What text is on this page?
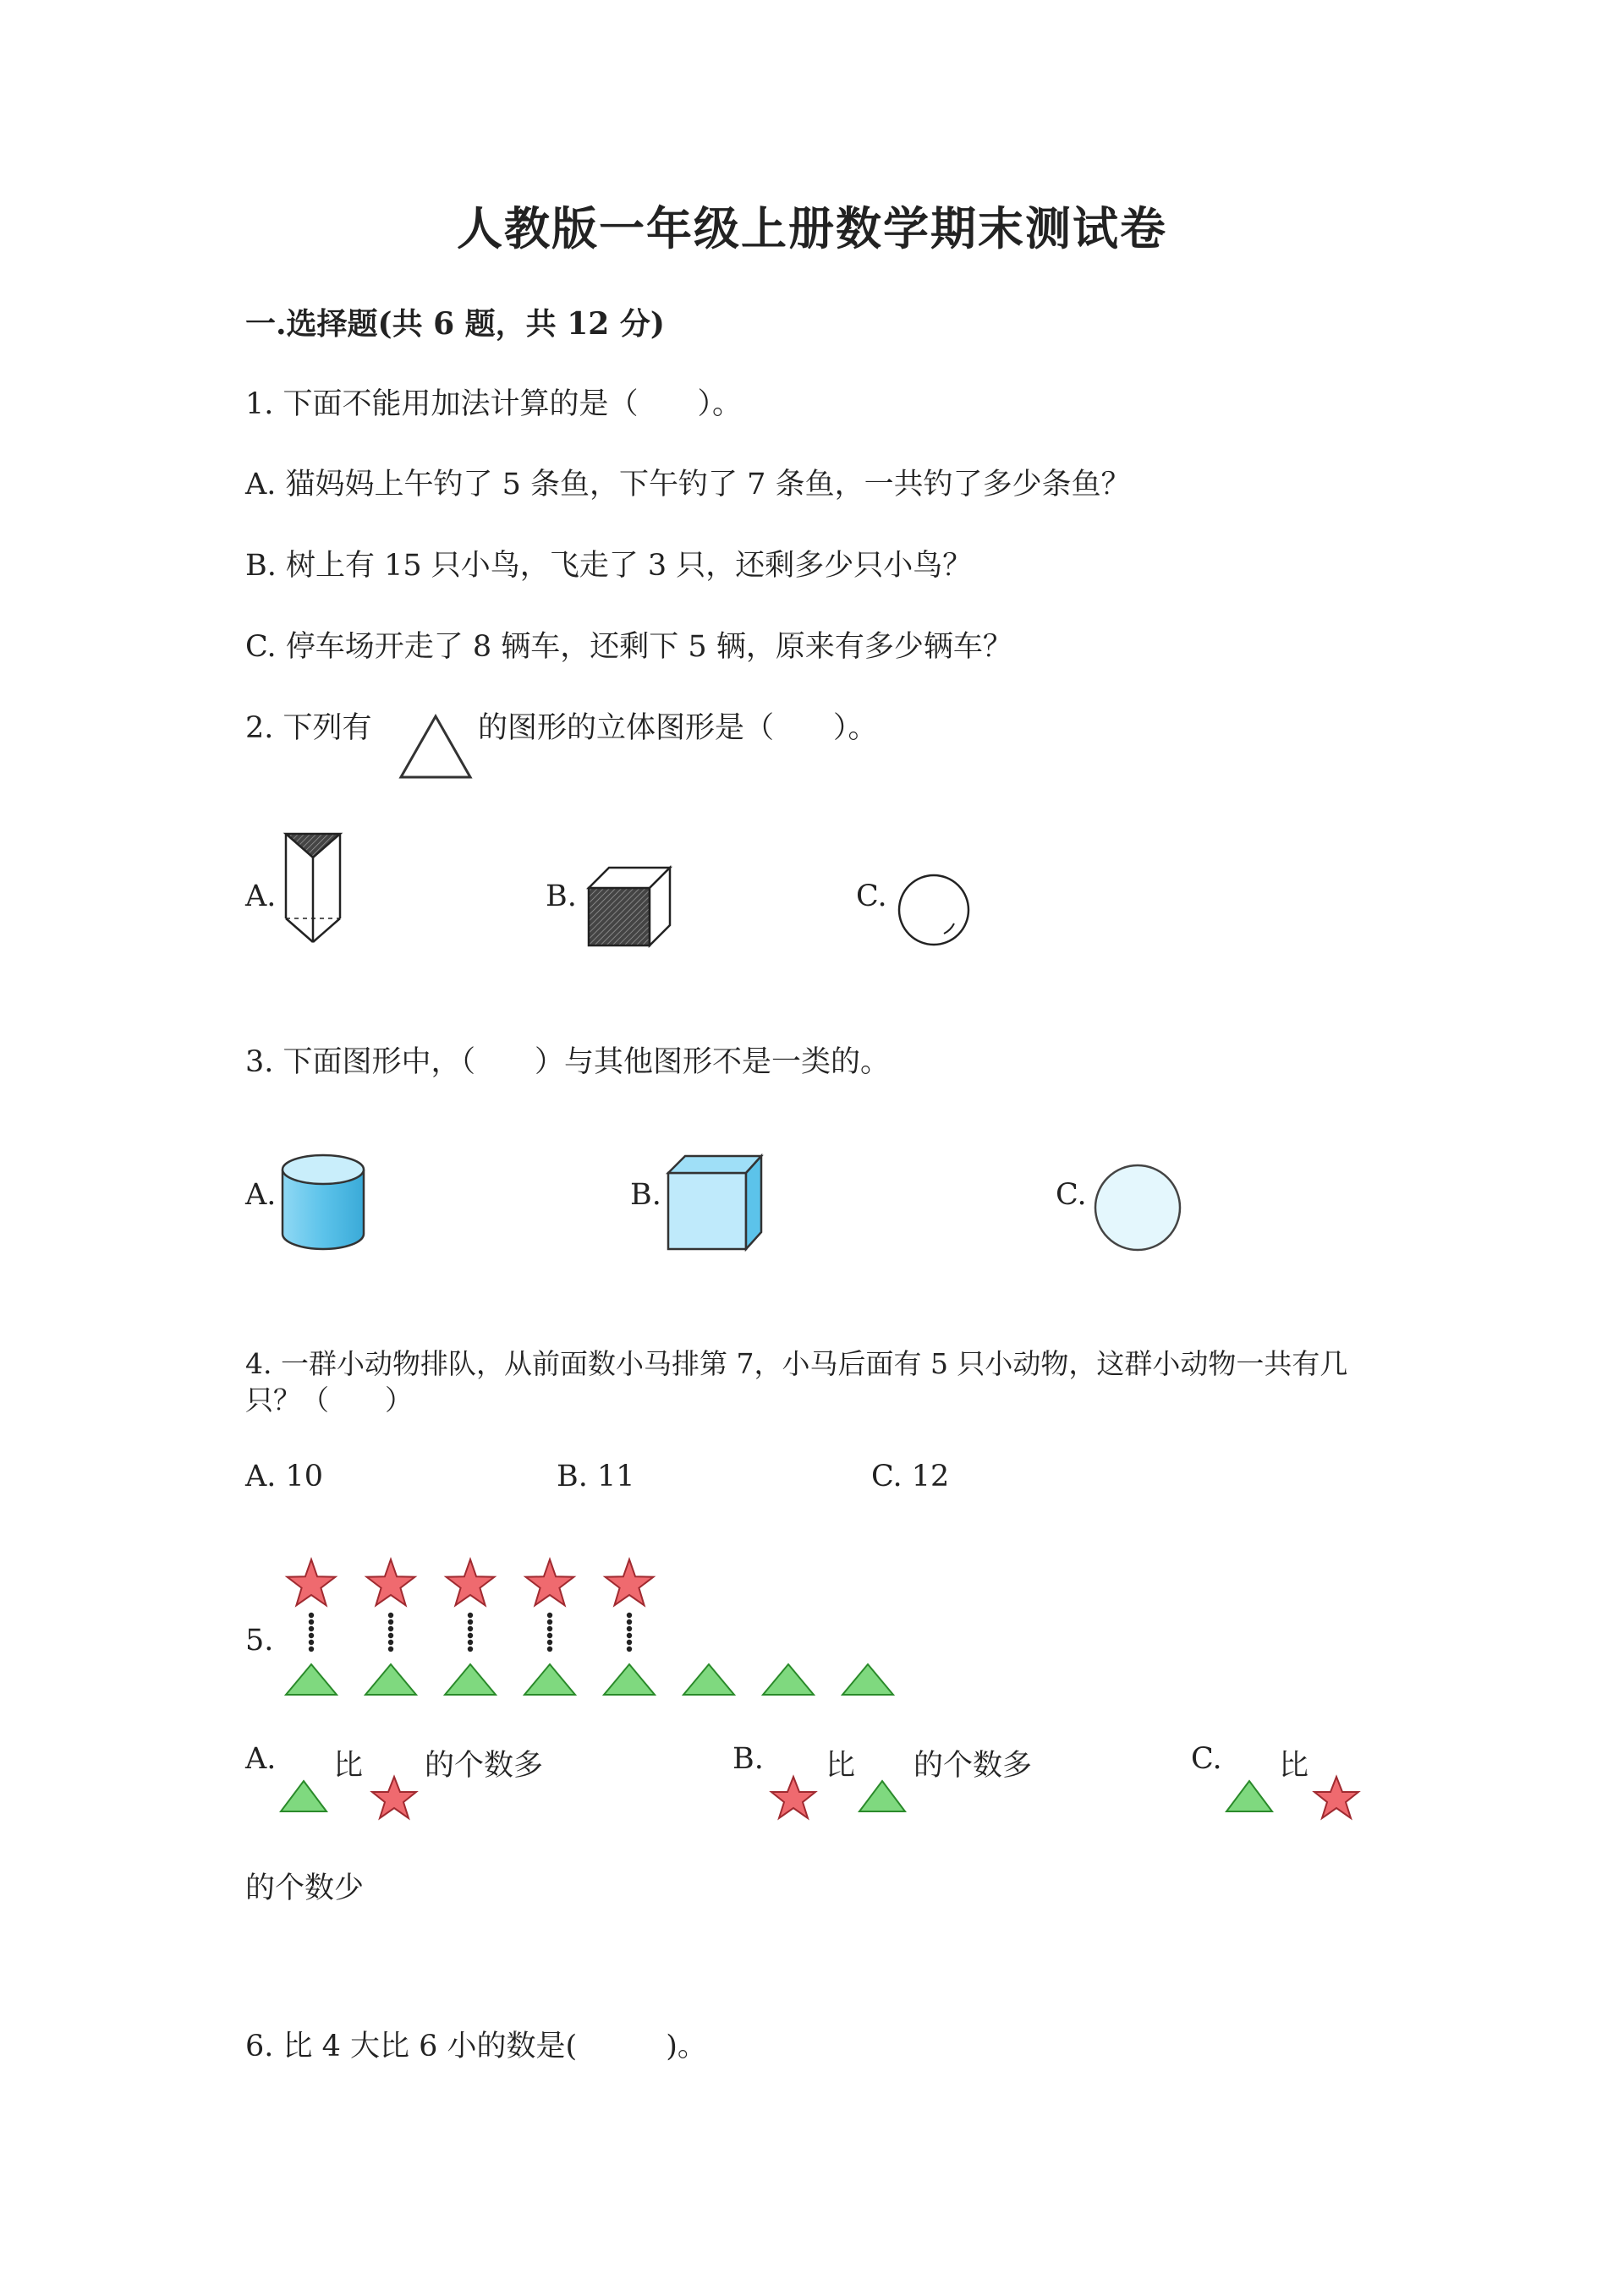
人教版一年级上册数学期末测试卷
一.选择题(共 6 题，共 12 分)
1. 下面不能用加法计算的是（　　）。
A. 猫妈妈上午钓了 5 条鱼，下午钓了 7 条鱼，一共钓了多少条鱼？
B. 树上有 15 只小鸟，飞走了 3 只，还剩多少只小鸟？
C. 停车场开走了 8 辆车，还剩下 5 辆，原来有多少辆车？
2. 下列有	的图形的立体图形是（　　）。
A.	B.	C.
3. 下面图形中，（　　）与其他图形不是一类的。
A.	B.	C.
4. 一群小动物排队，从前面数小马排第 7，小马后面有 5 只小动物，这群小动物一共有几
只？（　　）
A. 10	B. 11	C. 12
5.
A. 比 的个数多	B. 比 的个数多	C. 比
的个数少
6. 比 4 大比 6 小的数是(　　　)。
